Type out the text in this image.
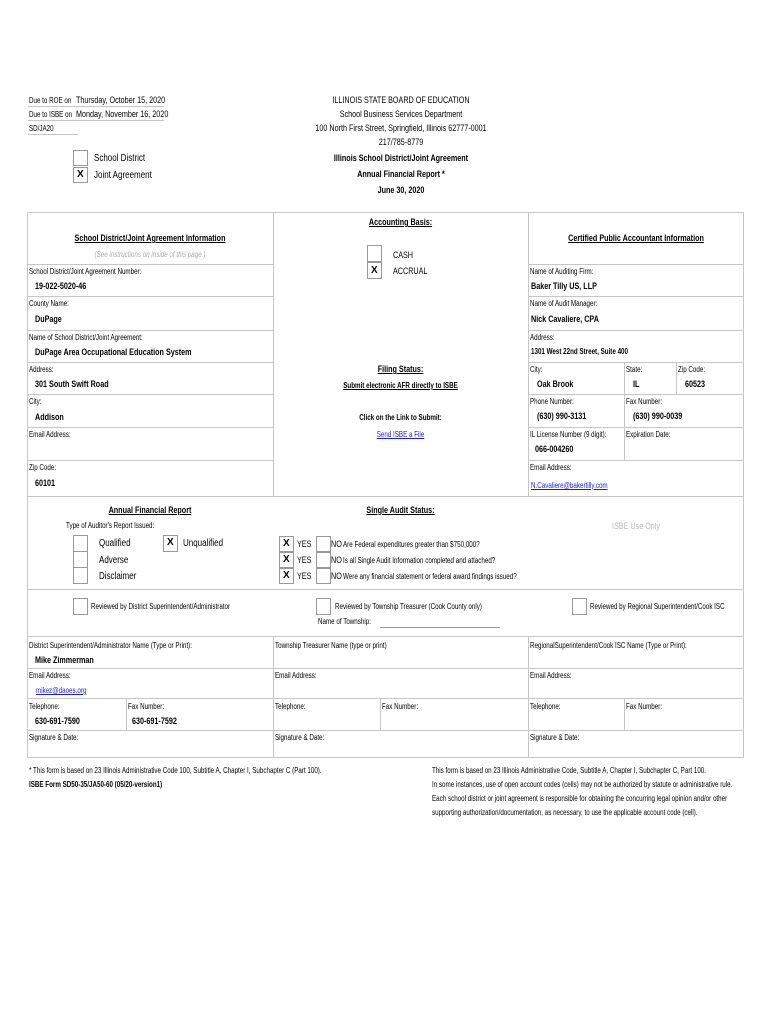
Due to ROE on Thursday, October 15, 2020
Due to ISBE on Monday, November 16, 2020
SD/JA20
ILLINOIS STATE BOARD OF EDUCATION
School Business Services Department
100 North First Street, Springfield, Illinois 62777-0001
217/785-8779
Illinois School District/Joint Agreement
Annual Financial Report *
June 30, 2020
School District
X Joint Agreement
School District/Joint Agreement Information
(See instructions on inside of this page.)
School District/Joint Agreement Number:
19-022-5020-46
County Name:
DuPage
Name of School District/Joint Agreement:
DuPage Area Occupational Education System
Address:
301 South Swift Road
City:
Addison
Email Address:
Zip Code:
60101
Accounting Basis:
CASH
X ACCRUAL
Filing Status:
Submit electronic AFR directly to ISBE
Click on the Link to Submit:
Send ISBE a File
Certified Public Accountant Information
Name of Auditing Firm:
Baker Tilly US, LLP
Name of Audit Manager:
Nick Cavaliere, CPA
Address:
1301 West 22nd Street, Suite 400
City:
Oak Brook
State:
IL
Zip Code:
60523
Phone Number:
(630) 990-3131
Fax Number:
(630) 990-0039
IL License Number (9 digit):
066-004260
Expiration Date:
Email Address:
N.Cavaliere@bakertilly.com
Annual Financial Report
Type of Auditor's Report Issued:
Qualified	X Unqualified
Adverse
Disclaimer
Single Audit Status:
X YES NO Are Federal expenditures greater than $750,000?
X YES NO Is all Single Audit Information completed and attached?
X YES NO Were any financial statement or federal award findings issued?
ISBE Use Only
Reviewed by District Superintendent/Administrator	Reviewed by Township Treasurer (Cook County only)
Name of Township:
Reviewed by Regional Superintendent/Cook ISC
District Superintendent/Administrator Name (Type or Print):
Mike Zimmerman
Email Address:
mikez@daoes.org
Telephone:
630-691-7590
Fax Number:
630-691-7592
Signature & Date:
Township Treasurer Name (type or print)
Email Address:
Telephone:	Fax Number:
Signature & Date:
RegionalSuperintendent/Cook ISC Name (Type or Print):
Email Address:
Telephone:	Fax Number:
Signature & Date:
* This form is based on 23 Illinois Administrative Code 100, Subtitle A, Chapter I, Subchapter C (Part 100).
ISBE Form SD50-35/JA50-60 (05/20-version1)
This form is based on 23 Illinois Administrative Code, Subtitle A, Chapter I, Subchapter C, Part 100.
In some instances, use of open account codes (cells) may not be authorized by statute or administrative rule.
Each school district or joint agreement is responsible for obtaining the concurring legal opinion and/or other
supporting authorization/documentation, as necessary, to use the applicable account code (cell).
